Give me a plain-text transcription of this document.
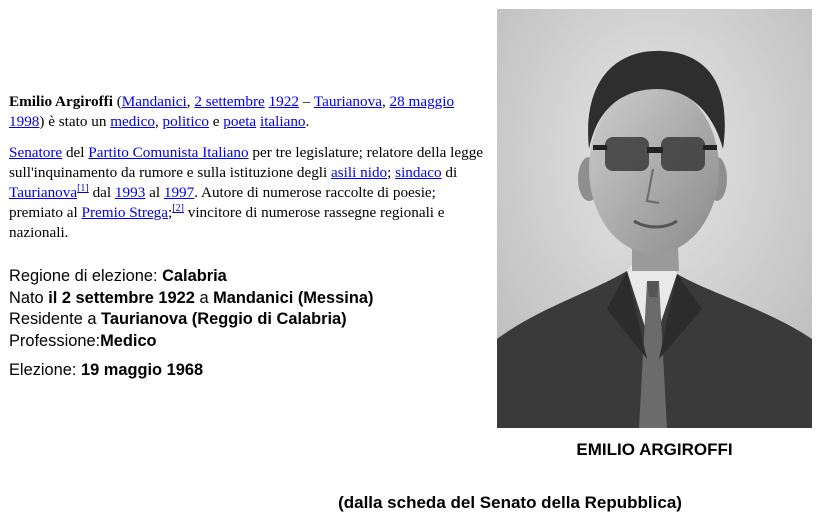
Emilio Argiroffi (Mandanici, 2 settembre 1922 – Taurianova, 28 maggio 1998) è stato un medico, politico e poeta italiano.

Senatore del Partito Comunista Italiano per tre legislature; relatore della legge sull'inquinamento da rumore e sulla istituzione degli asili nido; sindaco di Taurianova[1] dal 1993 al 1997. Autore di numerose raccolte di poesie; premiato al Premio Strega;[2] vincitore di numerose rassegne regionali e nazionali.

Regione di elezione: Calabria
Nato il 2 settembre 1922 a Mandanici (Messina)
Residente a Taurianova (Reggio di Calabria)
Professione:Medico
Elezione: 19 maggio 1968
EMILIO ARGIROFFI
(dalla scheda del Senato della Repubblica)
